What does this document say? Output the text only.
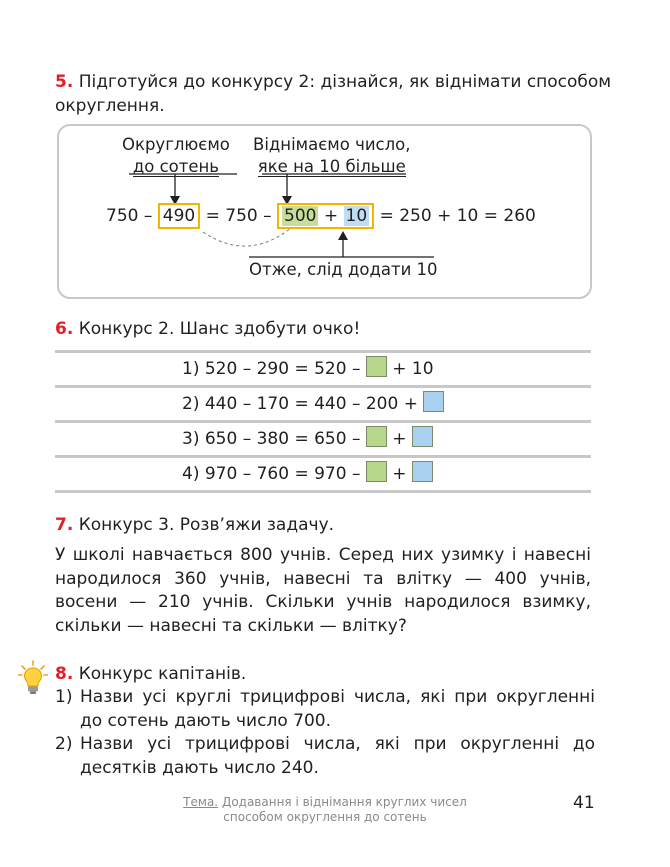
5. Підготуйся до конкурсу 2: дізнайся, як віднімати способом
округлення.
Округлюємо
до сотень
Віднімаємо число,
яке на 10 більше
750 – 490 = 750 – 500 + 10 = 250 + 10 = 260
Отже, слід додати 10
6. Конкурс 2. Шанс здобути очко!
1) 520 – 290 = 520 – + 10
2) 440 – 170 = 440 – 200 +
3) 650 – 380 = 650 – +
4) 970 – 760 = 970 – +
7. Конкурс 3. Розв’яжи задачу.
У школі навчається 800 учнів. Серед них узимку і навесні народилося 360 учнів, навесні та влітку — 400 учнів, восени — 210 учнів. Скільки учнів народилося взимку, скільки — навесні та скільки — влітку?
8. Конкурс капітанів.
1) Назви усі круглі трицифрові числа, які при округленні до сотень дають число 700.
2) Назви усі трицифрові числа, які при округленні до десятків дають число 240.
Тема. Додавання і віднімання круглих чисел
способом округлення до сотень
41
